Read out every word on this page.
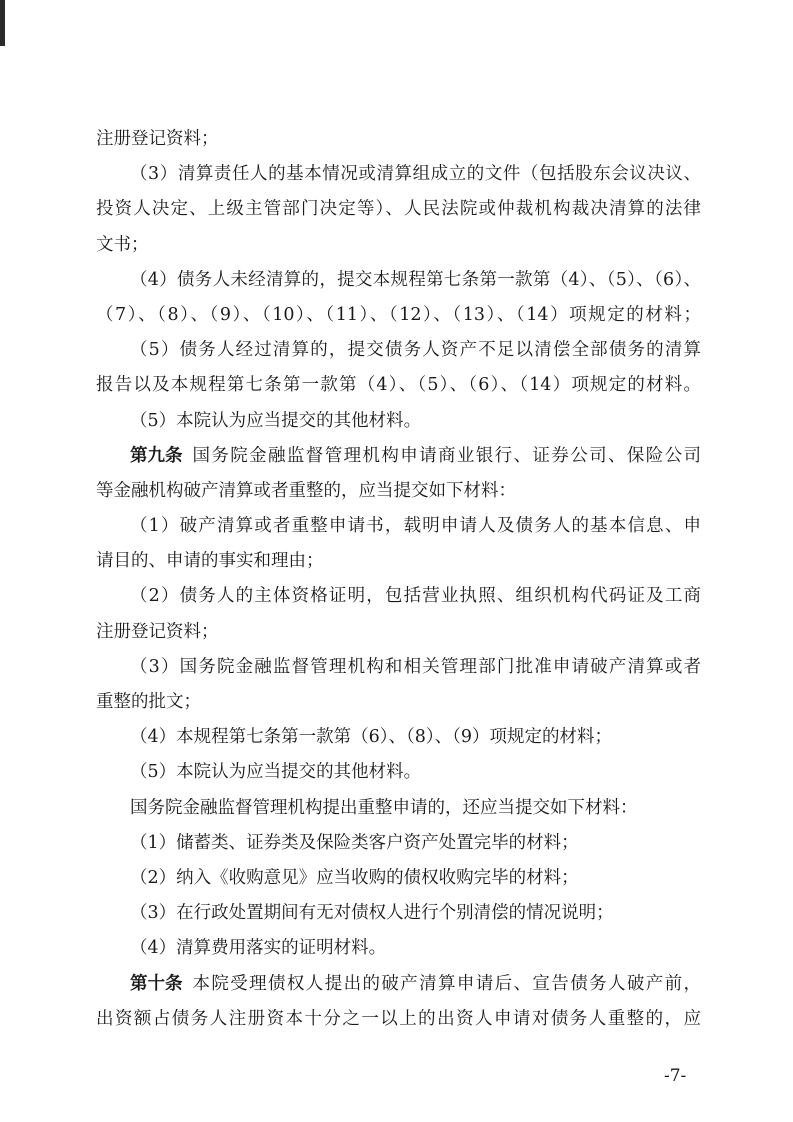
注册登记资料；
（3）清算责任人的基本情况或清算组成立的文件（包括股东会议决议、
投资人决定、上级主管部门决定等）、人民法院或仲裁机构裁决清算的法律
文书；
（4）债务人未经清算的，提交本规程第七条第一款第（4）、（5）、（6）、
（7）、（8）、（9）、（10）、（11）、（12）、（13）、（14）项规定的材料；
（5）债务人经过清算的，提交债务人资产不足以清偿全部债务的清算
报告以及本规程第七条第一款第（4）、（5）、（6）、（14）项规定的材料。
（5）本院认为应当提交的其他材料。
第九条 国务院金融监督管理机构申请商业银行、证券公司、保险公司
等金融机构破产清算或者重整的，应当提交如下材料：
（1）破产清算或者重整申请书，载明申请人及债务人的基本信息、申
请目的、申请的事实和理由；
（2）债务人的主体资格证明，包括营业执照、组织机构代码证及工商
注册登记资料；
（3）国务院金融监督管理机构和相关管理部门批准申请破产清算或者
重整的批文；
（4）本规程第七条第一款第（6）、（8）、（9）项规定的材料；
（5）本院认为应当提交的其他材料。
国务院金融监督管理机构提出重整申请的，还应当提交如下材料：
（1）储蓄类、证券类及保险类客户资产处置完毕的材料；
（2）纳入《收购意见》应当收购的债权收购完毕的材料；
（3）在行政处置期间有无对债权人进行个别清偿的情况说明；
（4）清算费用落实的证明材料。
第十条 本院受理债权人提出的破产清算申请后、宣告债务人破产前，
出资额占债务人注册资本十分之一以上的出资人申请对债务人重整的，应
-7-
